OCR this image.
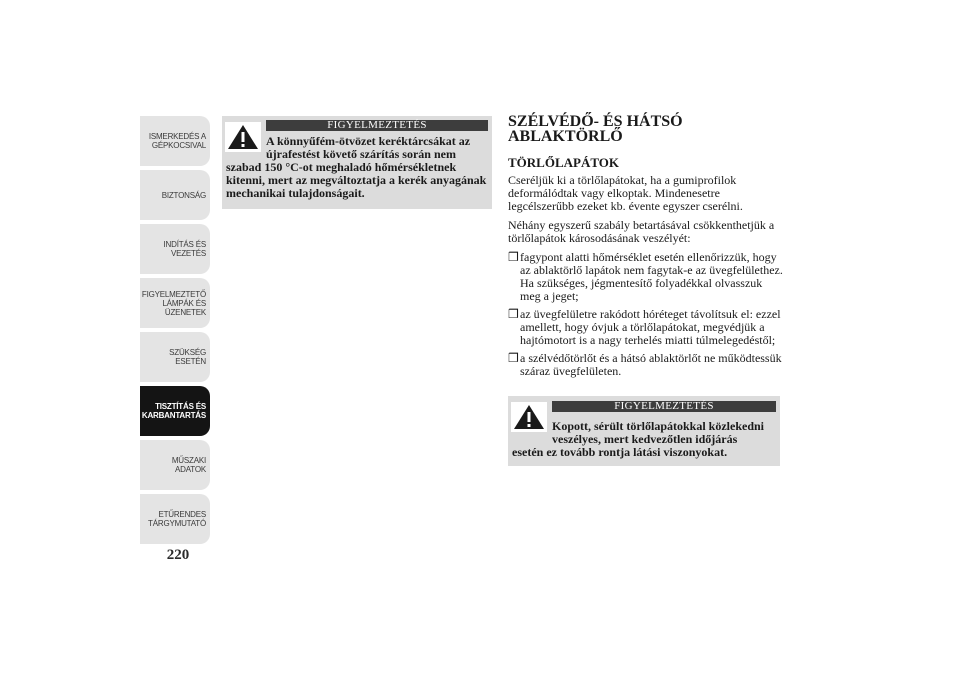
ISMERKEDÉS A
GÉPKOCSIVAL
BIZTONSÁG
INDÍTÁS ÉS
VEZETÉS
FIGYELMEZTETŐ
LÁMPÁK ÉS
ÜZENETEK
SZÜKSÉG ESETÉN
TISZTÍTÁS ÉS
KARBANTARTÁS
MŰSZAKI ADATOK
ETŰRENDES
TÁRGYMUTATÓ
220
FIGYELMEZTETÉS
A könnyűfém-ötvözet keréktárcsákat az
újrafestést követő szárítás során nem
szabad 150 °C-ot meghaladó hőmérsékletnek
kitenni, mert az megváltoztatja a kerék anyagának
mechanikai tulajdonságait.
SZÉLVÉDŐ- ÉS HÁTSÓ
ABLAKTÖRLŐ
TÖRLŐLAPÁTOK

Cseréljük ki a törlőlapátokat, ha a gumiprofilok deformálódtak vagy elkoptak. Mindenesetre legcélszerűbb ezeket kb. évente egyszer cserélni.

Néhány egyszerű szabály betartásával csökkenthetjük a törlőlapátok károsodásának veszélyét:

❒ fagypont alatti hőmérséklet esetén ellenőrizzük, hogy az ablaktörlő lapátok nem fagytak-e az üvegfelülethez. Ha szükséges, jégmentesítő folyadékkal olvasszuk meg a jeget;
❒ az üvegfelületre rakódott hóréteget távolítsuk el: ezzel amellett, hogy óvjuk a törlőlapátokat, megvédjük a hajtómotort is a nagy terhelés miatti túlmelegedéstől;
❒ a szélvédőtörlőt és a hátsó ablaktörlőt ne működtessük száraz üvegfelületen.
FIGYELMEZTETÉS
Kopott, sérült törlőlapátokkal közlekedni
veszélyes, mert kedvezőtlen időjárás
esetén ez tovább rontja látási viszonyokat.
